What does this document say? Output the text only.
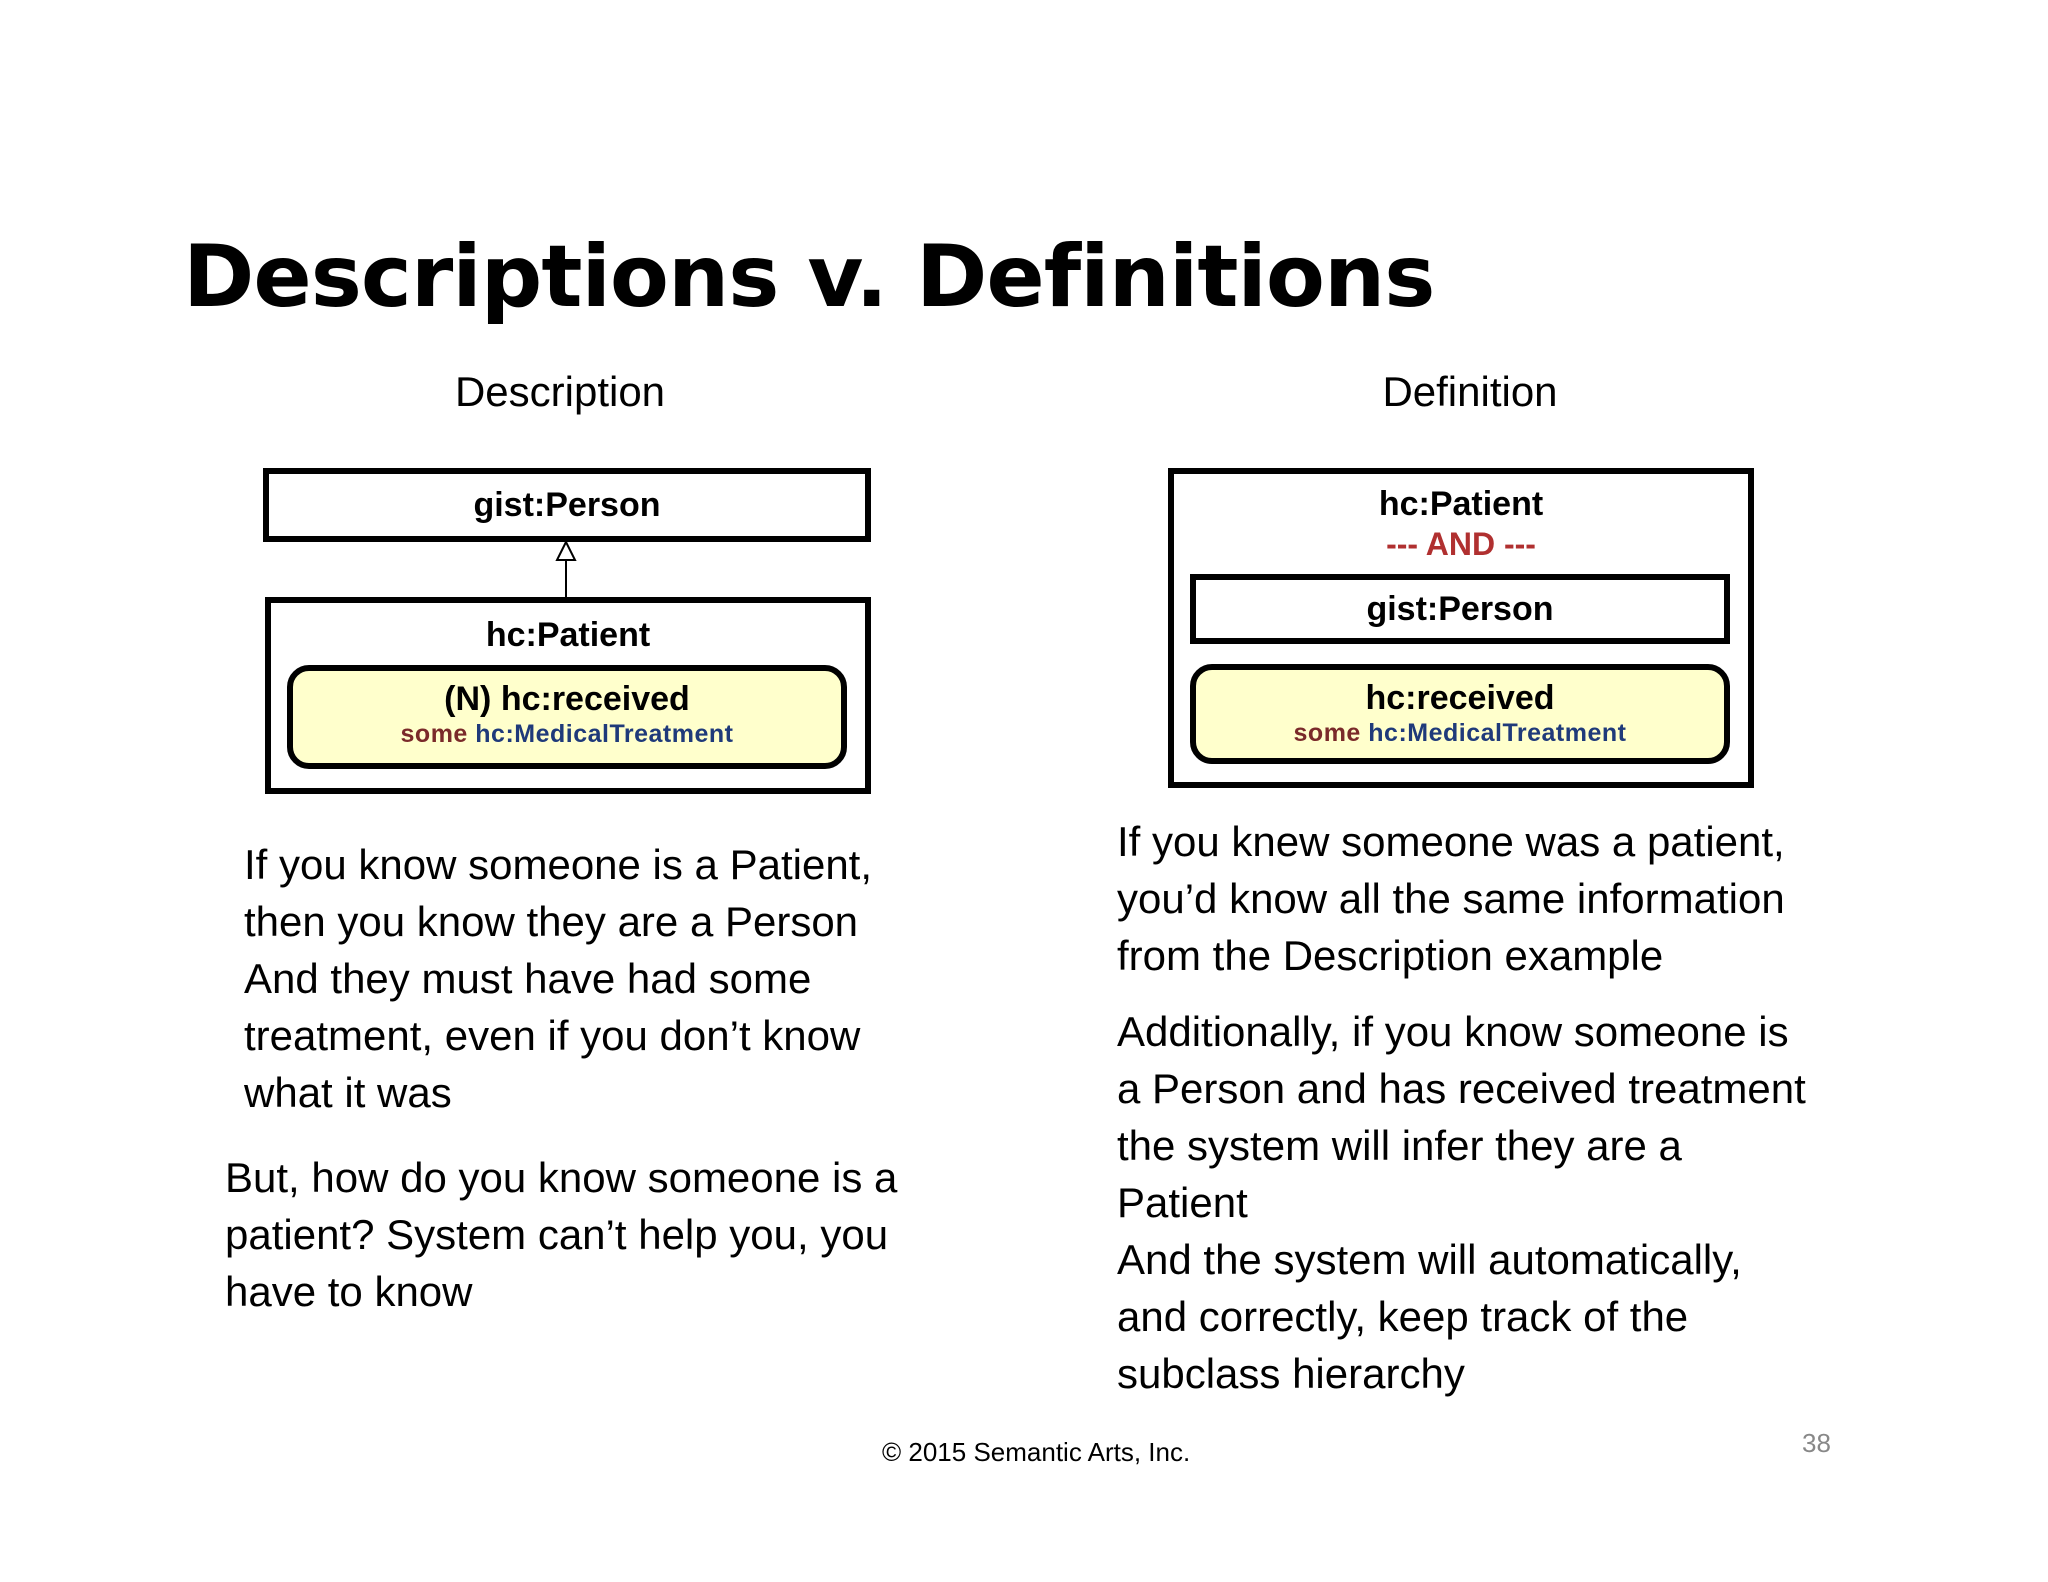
Descriptions v. Definitions
Description	Definition
gist:Person
hc:Patient
(N) hc:received
some hc:MedicalTreatment
hc:Patient
--- AND ---
gist:Person
hc:received
some hc:MedicalTreatment
If you know someone is a Patient,
then you know they are a Person
And they must have had some
treatment, even if you don’t know
what it was
But, how do you know someone is a
patient? System can’t help you, you
have to know
If you knew someone was a patient,
you’d know all the same information
from the Description example
Additionally, if you know someone is
a Person and has received treatment
the system will infer they are a
Patient
And the system will automatically,
and correctly, keep track of the
subclass hierarchy
© 2015 Semantic Arts, Inc.	38
